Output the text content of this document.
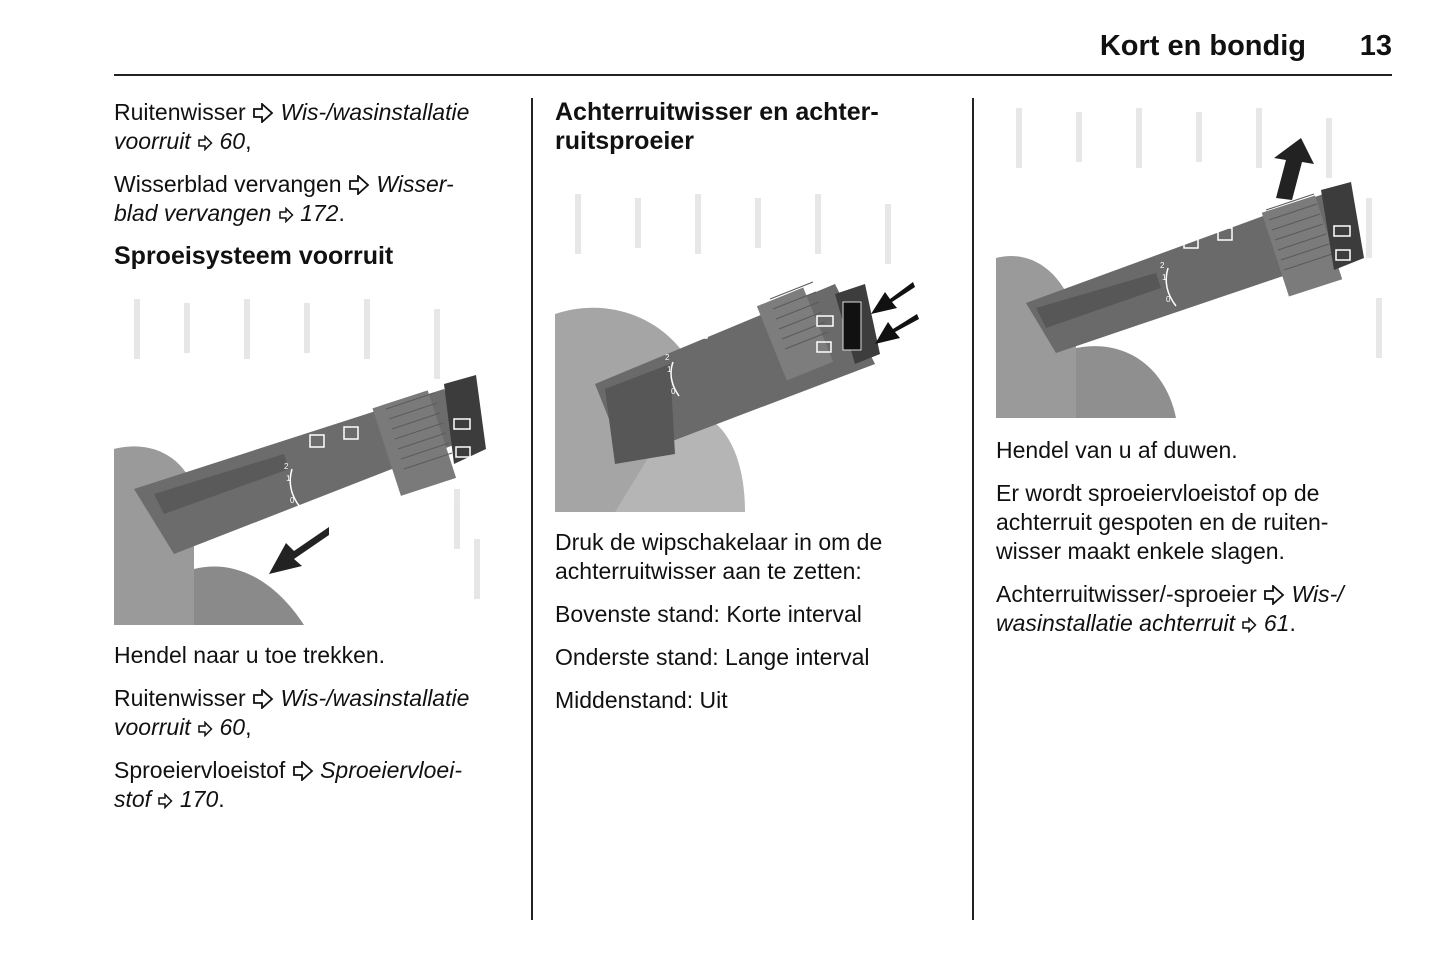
Kort en bondig 13

Ruitenwisser Wis-/wasinstallatie voorruit 60,

Wisserblad vervangen Wisser-
blad vervangen 172.

Sproeisysteem voorruit
2
1
0

Hendel naar u toe trekken.

Ruitenwisser Wis-/wasinstallatie voorruit 60,

Sproeiervloeistof Sproeiervloei-
stof 170.

Achterruitwisser en achter-
ruitsproeier
2
1
0

Druk de wipschakelaar in om de achterruitwisser aan te zetten:

Bovenste stand: Korte interval

Onderste stand: Lange interval

Middenstand: Uit

2
1
0

Hendel van u af duwen.

Er wordt sproeiervloeistof op de achterruit gespoten en de ruiten-wisser maakt enkele slagen.

Achterruitwisser/-sproeier Wis-/
wasinstallatie achterruit 61.
